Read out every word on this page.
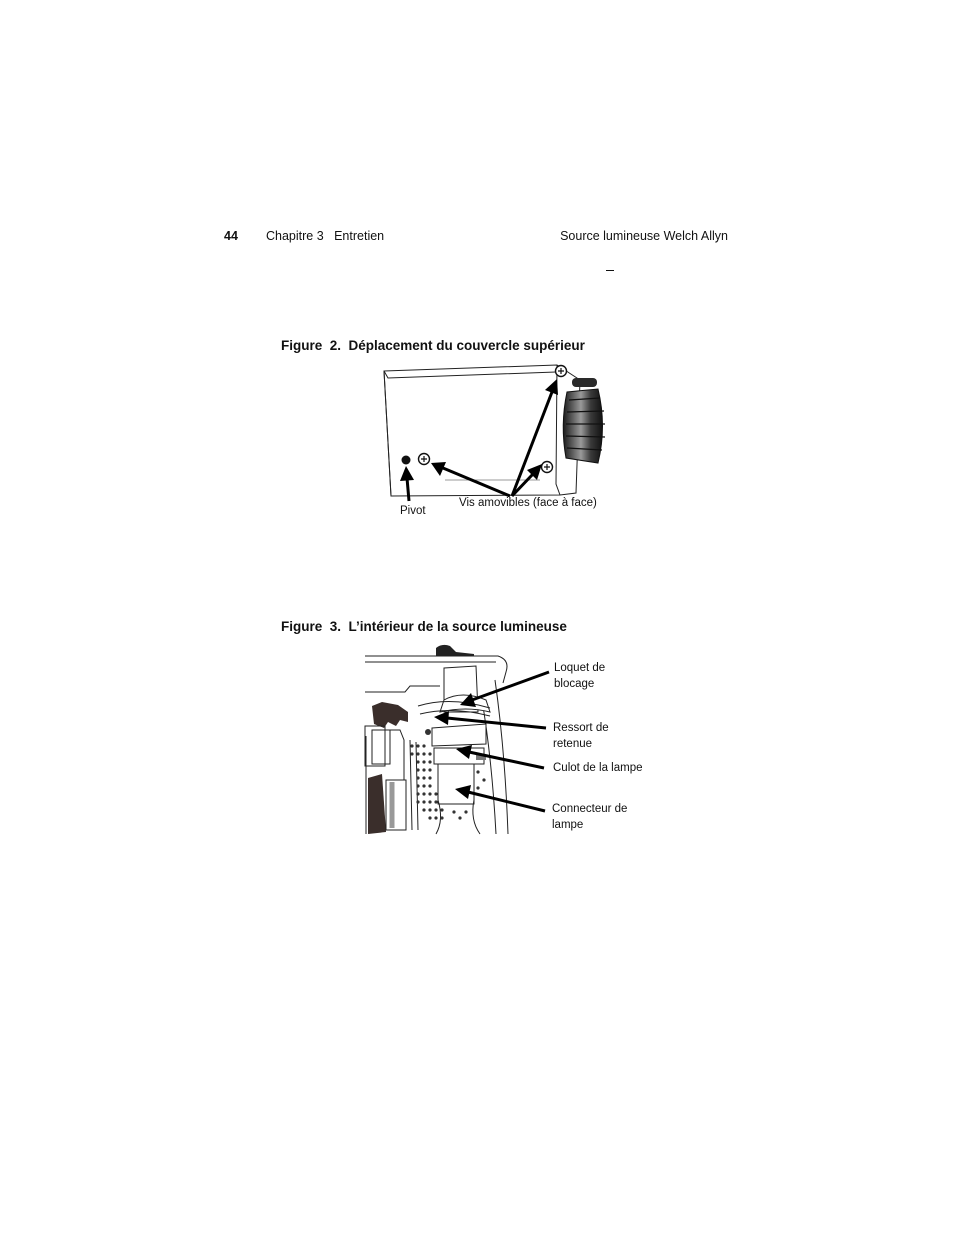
44 Chapitre 3   Entretien	Source lumineuse Welch Allyn
Figure  2.  Déplacement du couvercle supérieur
Pivot
Vis amovibles (face à face)
Figure  3.  L’intérieur de la source lumineuse
Loquet de
blocage
Ressort de
retenue
Culot de la lampe
Connecteur de
lampe
